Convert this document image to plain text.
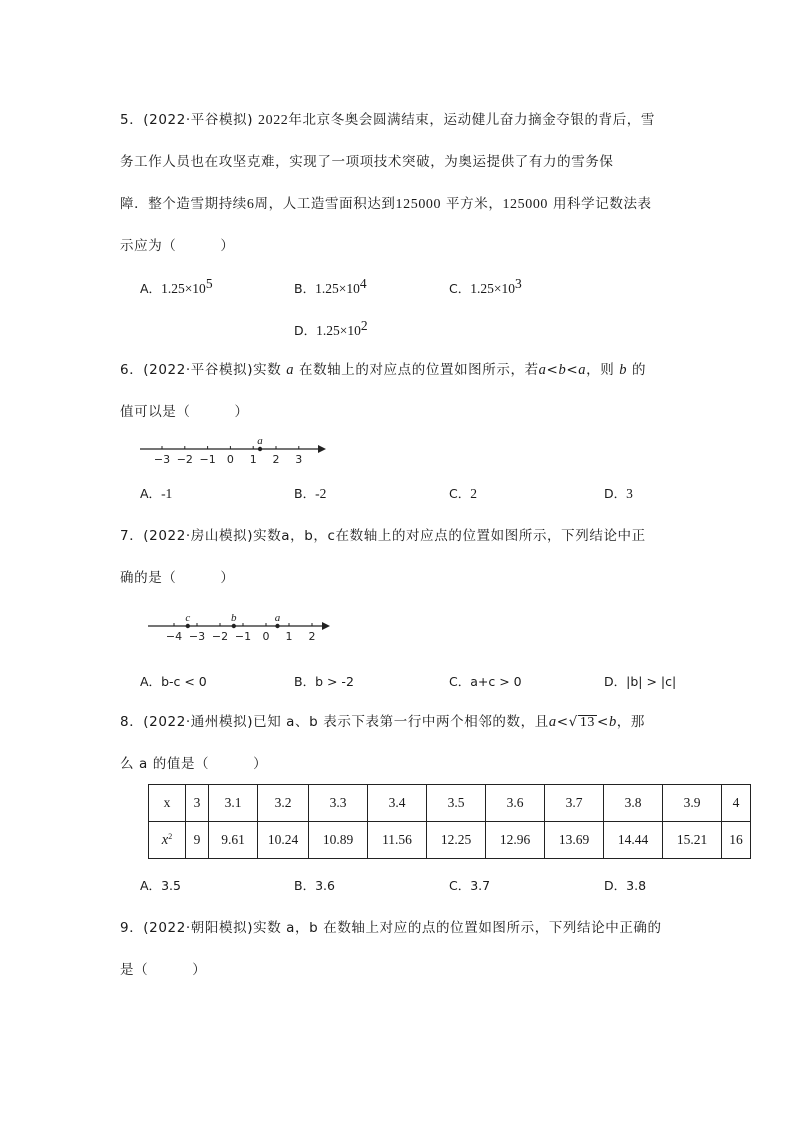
5．(2022·平谷模拟) 2022年北京冬奥会圆满结束，运动健儿奋力摘金夺银的背后，雪
务工作人员也在攻坚克难，实现了一项项技术突破，为奥运提供了有力的雪务保
障．整个造雪期持续6周，人工造雪面积达到125000 平方米，125000 用科学记数法表
示应为（	）
A．$1.25\times 10^5$	B．$1.25\times 10^4$	C．$1.25\times 10^3$
D．$1.25\times 10^2$
6．(2022·平谷模拟)实数 a 在数轴上的对应点的位置如图所示，若a<b<a，则 b 的
值可以是（	）
−3 −2 −1 0 1 2 3
a
A．-1	B．-2	C．2	D．3
7．(2022·房山模拟)实数a，b，c在数轴上的对应点的位置如图所示，下列结论中正
确的是（	）
−4 −3 −2 −1 0 1 2
c	b	a
A．b-c < 0	B．b > -2	C．a+c > 0	D．|b| > |c|
8．(2022·通州模拟)已知 a、b 表示下表第一行中两个相邻的数，且a<√ 13 <b，那
么 a 的值是（	）
x	3	3.1	3.2	3.3	3.4	3.5	3.6	3.7	3.8	3.9	4
$x^2$	9	9.61	10.24	10.89	11.56	12.25	12.96	13.69	14.44	15.21	16
A．3.5	B．3.6	C．3.7	D．3.8
9．(2022·朝阳模拟)实数 a，b 在数轴上对应的点的位置如图所示，下列结论中正确的
是（	）
